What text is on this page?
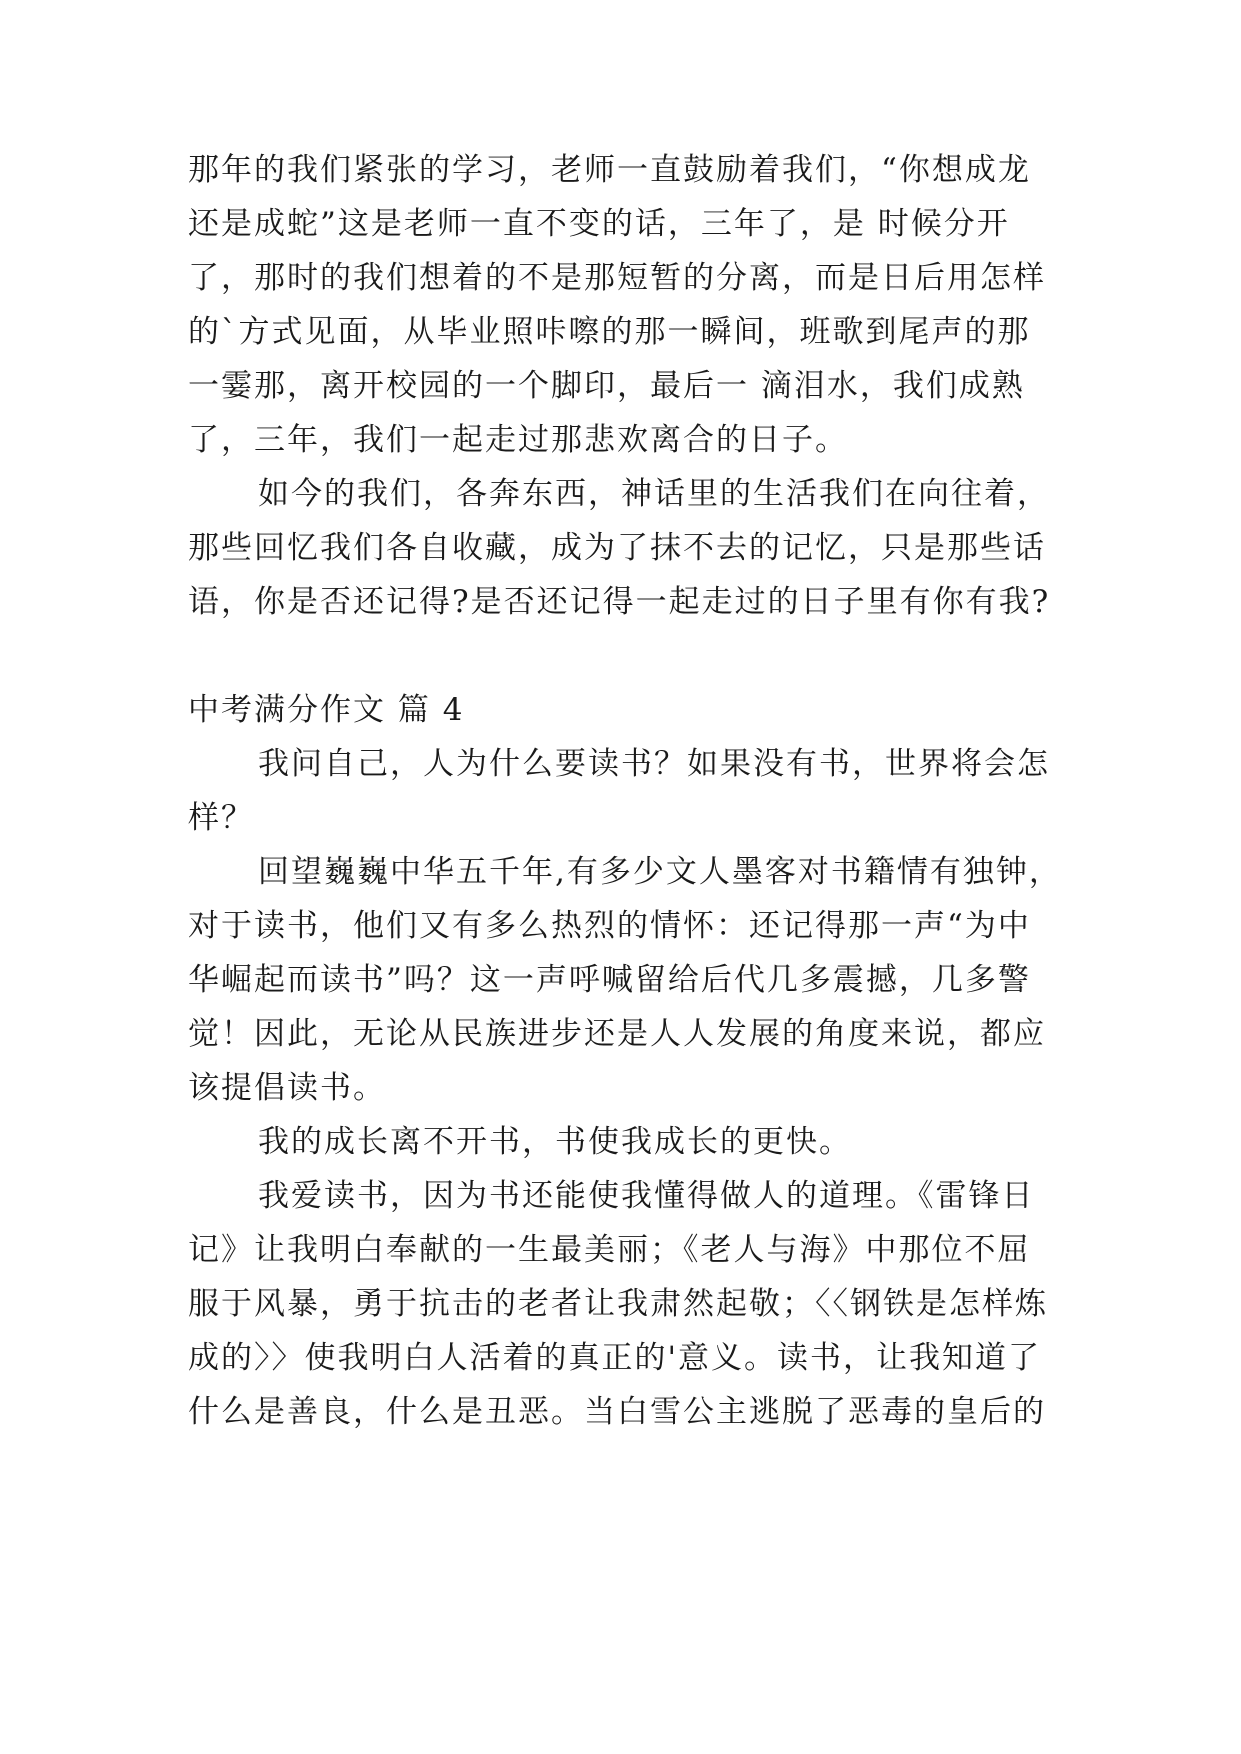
那年的我们紧张的学习，老师一直鼓励着我们，“你想成龙
还是成蛇”这是老师一直不变的话，三年了，是 时候分开
了，那时的我们想着的不是那短暂的分离，而是日后用怎样
的`方式见面，从毕业照咔嚓的那一瞬间，班歌到尾声的那
一霎那，离开校园的一个脚印，最后一 滴泪水，我们成熟
了，三年，我们一起走过那悲欢离合的日子。
如今的我们，各奔东西，神话里的生活我们在向往着，
那些回忆我们各自收藏，成为了抹不去的记忆，只是那些话
语，你是否还记得?是否还记得一起走过的日子里有你有我?
中考满分作文 篇 4
我问自己，人为什么要读书？如果没有书，世界将会怎
样？
回望巍巍中华五千年,有多少文人墨客对书籍情有独钟，
对于读书，他们又有多么热烈的情怀：还记得那一声“为中
华崛起而读书”吗？这一声呼喊留给后代几多震撼，几多警
觉！因此，无论从民族进步还是人人发展的角度来说，都应
该提倡读书。
我的成长离不开书，书使我成长的更快。
我爱读书，因为书还能使我懂得做人的道理。《雷锋日
记》让我明白奉献的一生最美丽；《老人与海》中那位不屈
服于风暴，勇于抗击的老者让我肃然起敬；〈〈钢铁是怎样炼
成的〉〉使我明白人活着的真正的'意义。读书，让我知道了
什么是善良，什么是丑恶。当白雪公主逃脱了恶毒的皇后的
